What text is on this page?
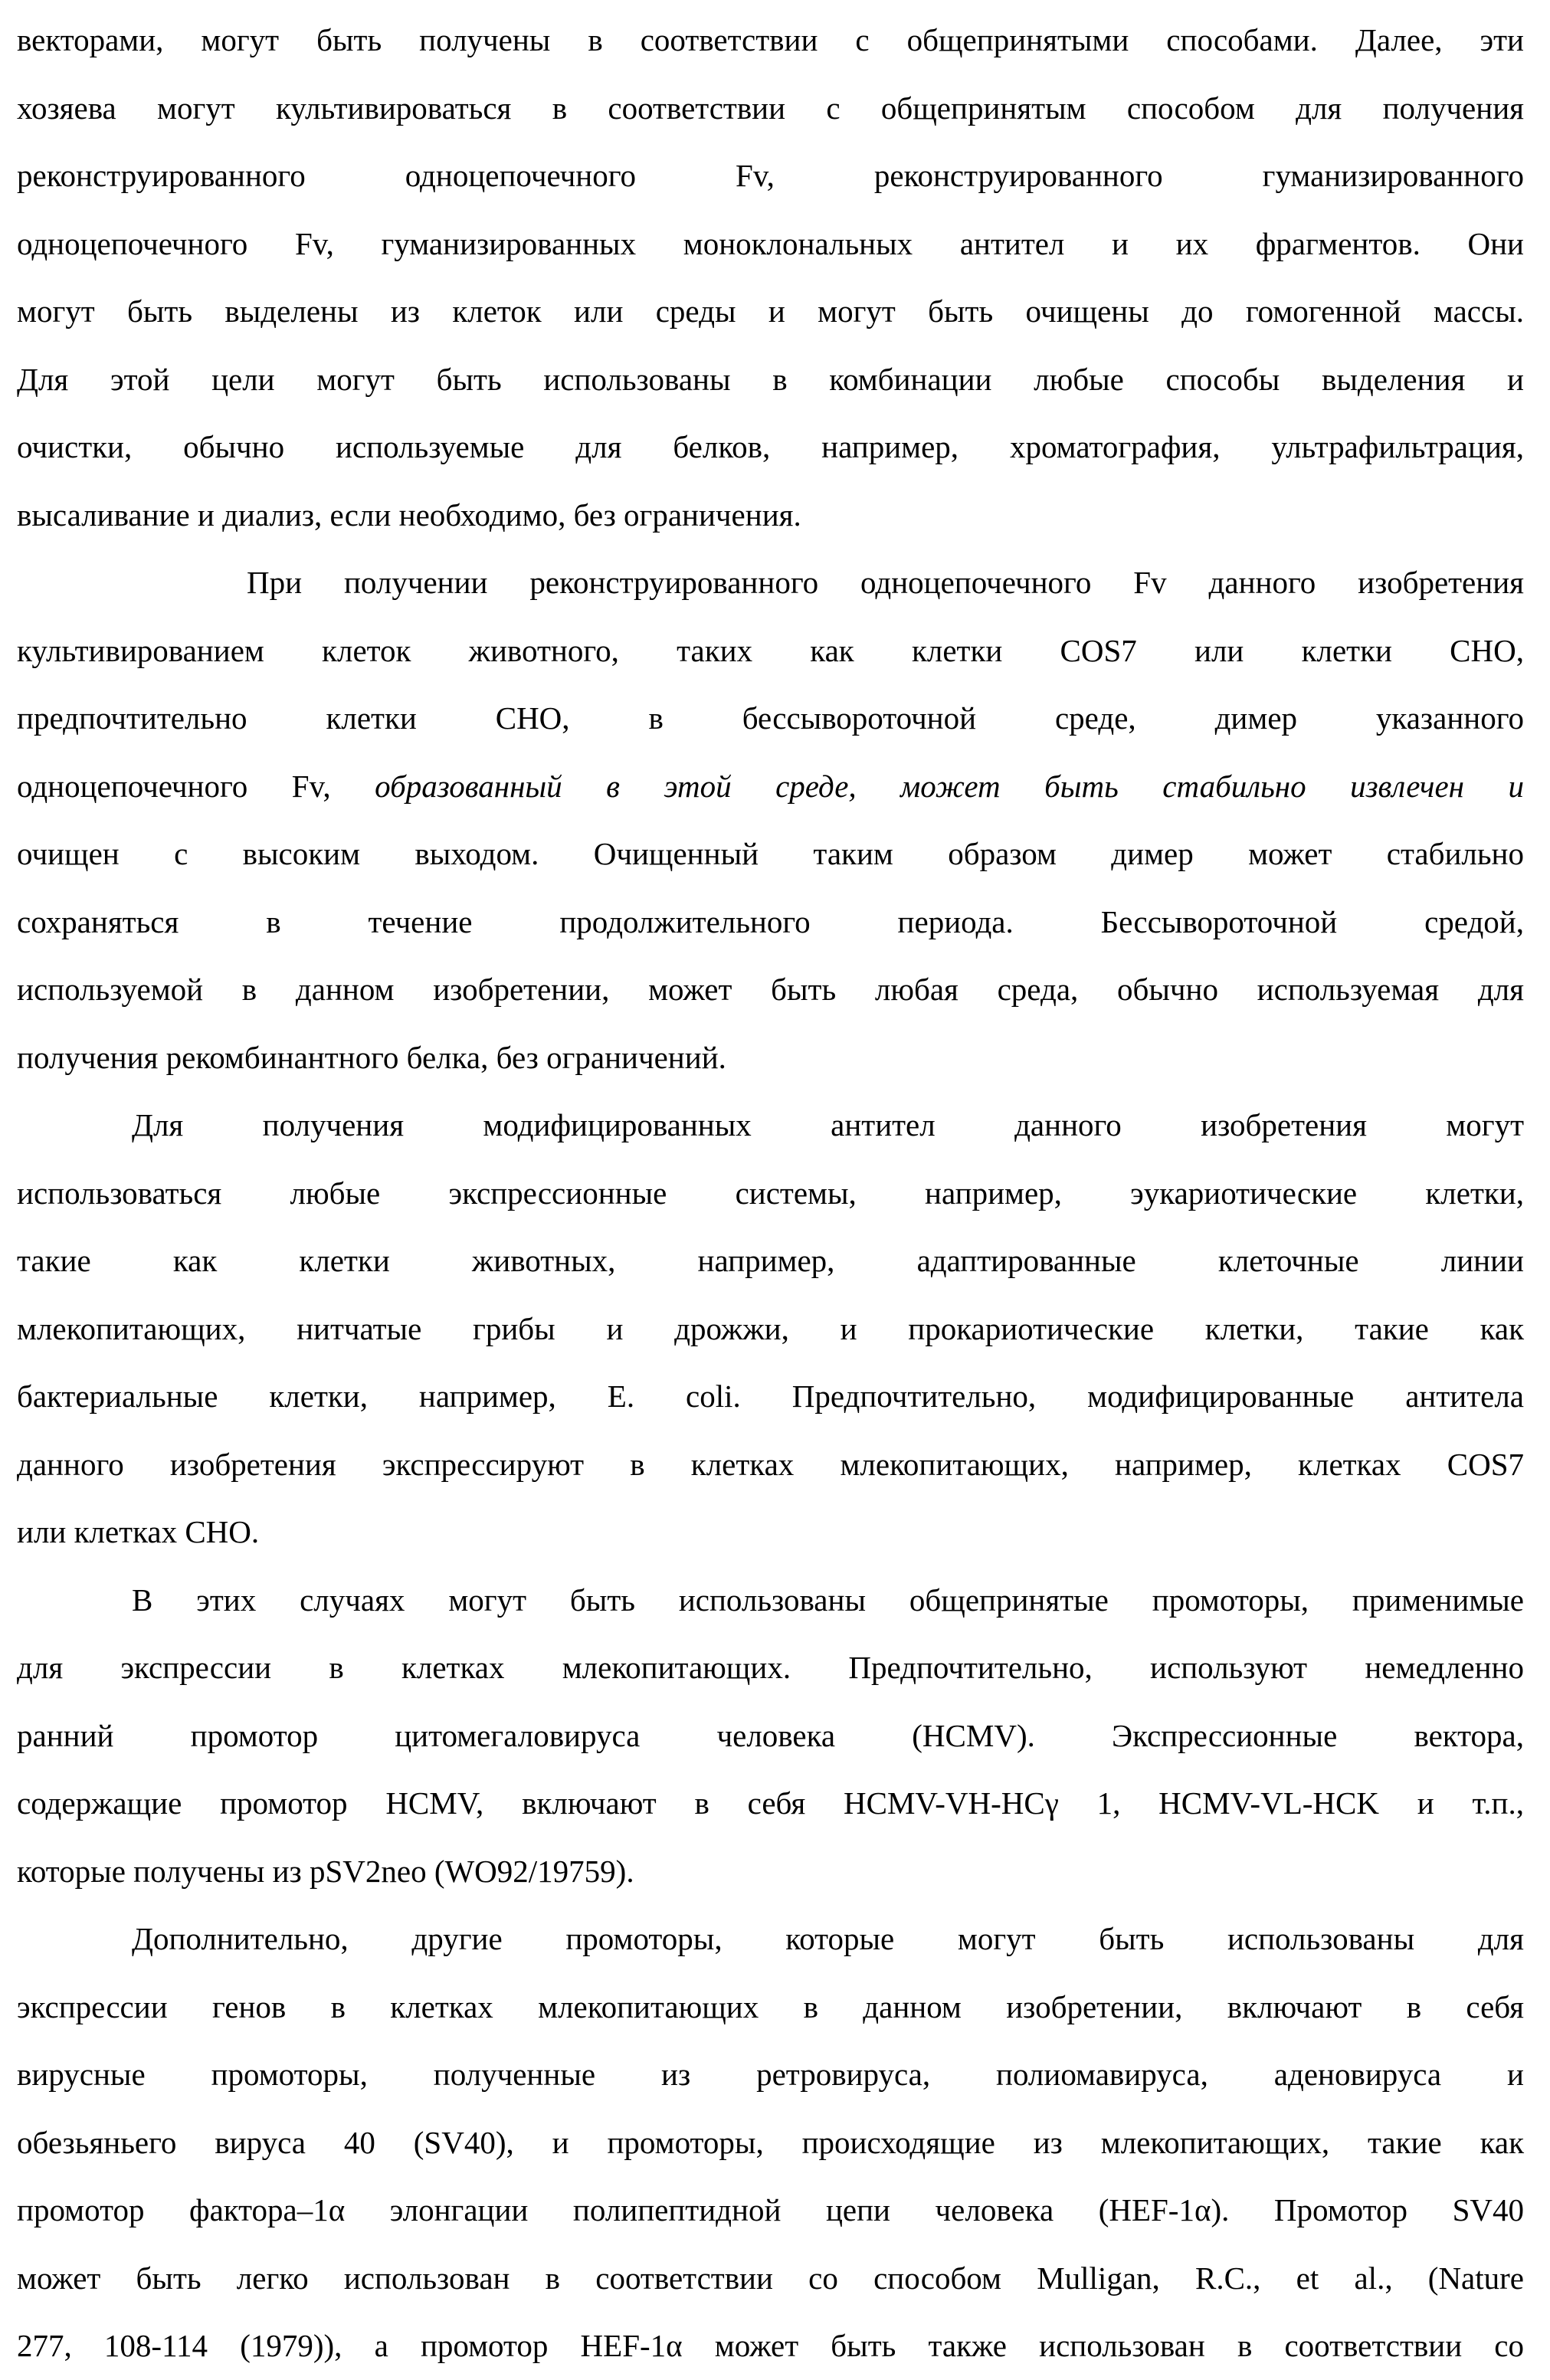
векторами, могут быть получены в соответствии с общепринятыми способами. Далее, эти
хозяева могут культивироваться в соответствии с общепринятым способом для получения
реконструированного одноцепочечного Fv, реконструированного гуманизированного
одноцепочечного Fv, гуманизированных моноклональных антител и их фрагментов. Они
могут быть выделены из клеток или среды и могут быть очищены до гомогенной массы.
Для этой цели могут быть использованы в комбинации любые способы выделения и
очистки, обычно используемые для белков, например, хроматография, ультрафильтрация,
высаливание и диализ, если необходимо, без ограничения.
При получении реконструированного одноцепочечного Fv данного изобретения
культивированием клеток животного, таких как клетки COS7 или клетки CHO,
предпочтительно клетки CHO, в бессывороточной среде, димер указанного
одноцепочечного Fv, образованный в этой среде, может быть стабильно извлечен и
очищен с высоким выходом. Очищенный таким образом димер может стабильно
сохраняться в течение продолжительного периода. Бессывороточной средой,
используемой в данном изобретении, может быть любая среда, обычно используемая для
получения рекомбинантного белка, без ограничений.
Для получения модифицированных антител данного изобретения могут
использоваться любые экспрессионные системы, например, эукариотические клетки,
такие как клетки животных, например, адаптированные клеточные линии
млекопитающих, нитчатые грибы и дрожжи, и прокариотические клетки, такие как
бактериальные клетки, например, E. coli. Предпочтительно, модифицированные антитела
данного изобретения экспрессируют в клетках млекопитающих, например, клетках COS7
или клетках CHO.
В этих случаях могут быть использованы общепринятые промоторы, применимые
для экспрессии в клетках млекопитающих. Предпочтительно, используют немедленно
ранний промотор цитомегаловируса человека (HCMV). Экспрессионные вектора,
содержащие промотор HCMV, включают в себя HCMV-VH-HCγ 1, HCMV-VL-HCK и т.п.,
которые получены из pSV2neo (WO92/19759).
Дополнительно, другие промоторы, которые могут быть использованы для
экспрессии генов в клетках млекопитающих в данном изобретении, включают в себя
вирусные промоторы, полученные из ретровируса, полиомавируса, аденовируса и
обезьяньего вируса 40 (SV40), и промоторы, происходящие из млекопитающих, такие как
промотор фактора–1α элонгации полипептидной цепи человека (HEF-1α). Промотор SV40
может быть легко использован в соответствии со способом Mulligan, R.C., et al., (Nature
277, 108-114 (1979)), а промотор HEF-1α может быть также использован в соответствии со
